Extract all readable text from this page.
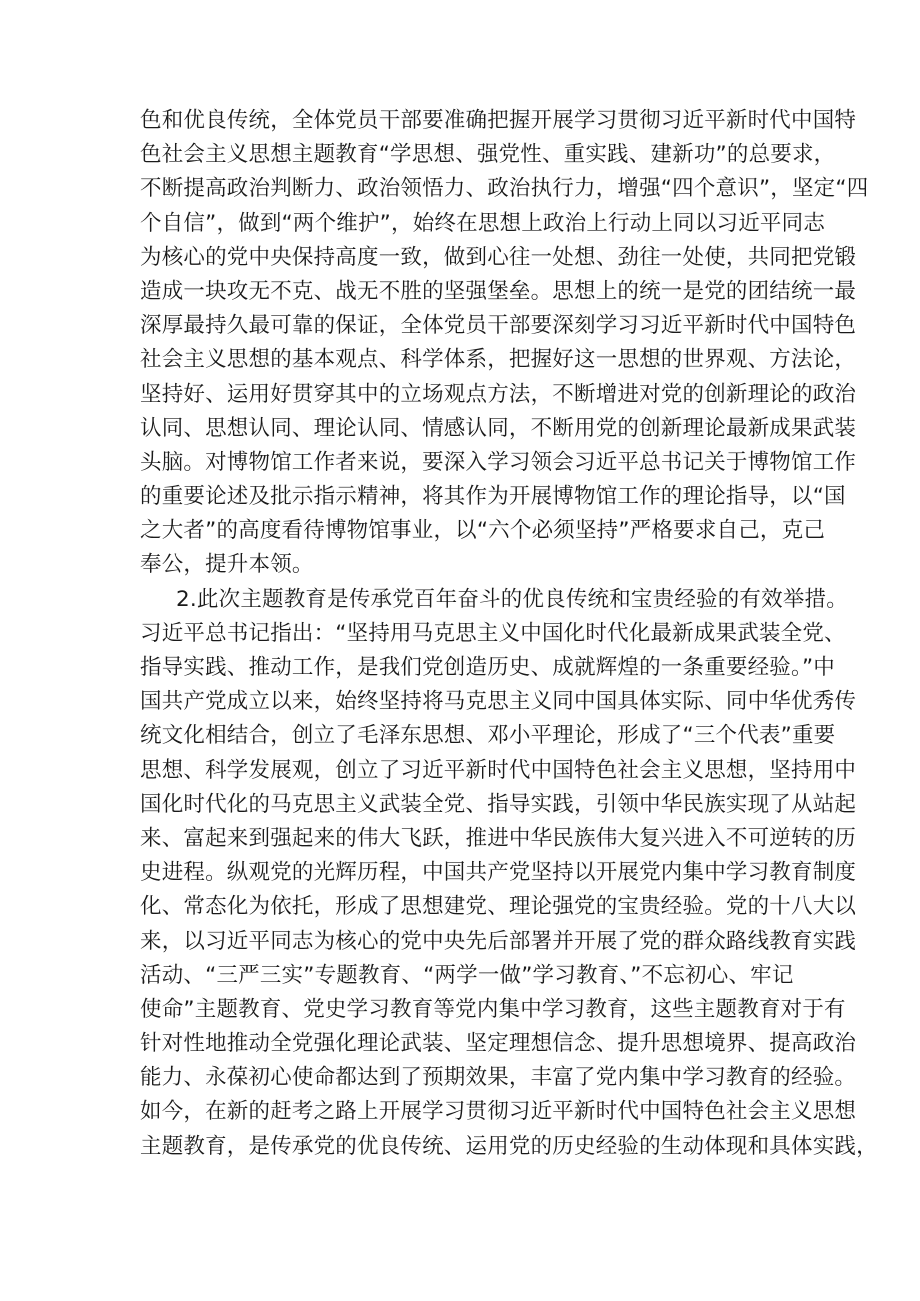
色和优良传统，全体党员干部要准确把握开展学习贯彻习近平新时代中国特
色社会主义思想主题教育“学思想、强党性、重实践、建新功”的总要求，
不断提高政治判断力、政治领悟力、政治执行力，增强“四个意识”，坚定“四
个自信”，做到“两个维护”，始终在思想上政治上行动上同以习近平同志
为核心的党中央保持高度一致，做到心往一处想、劲往一处使，共同把党锻
造成一块攻无不克、战无不胜的坚强堡垒。思想上的统一是党的团结统一最
深厚最持久最可靠的保证，全体党员干部要深刻学习习近平新时代中国特色
社会主义思想的基本观点、科学体系，把握好这一思想的世界观、方法论，
坚持好、运用好贯穿其中的立场观点方法，不断增进对党的创新理论的政治
认同、思想认同、理论认同、情感认同，不断用党的创新理论最新成果武装
头脑。对博物馆工作者来说，要深入学习领会习近平总书记关于博物馆工作
的重要论述及批示指示精神，将其作为开展博物馆工作的理论指导，以“国
之大者”的高度看待博物馆事业，以“六个必须坚持”严格要求自己，克己
奉公，提升本领。
2.此次主题教育是传承党百年奋斗的优良传统和宝贵经验的有效举措。
习近平总书记指出：“坚持用马克思主义中国化时代化最新成果武装全党、
指导实践、推动工作，是我们党创造历史、成就辉煌的一条重要经验。”中
国共产党成立以来，始终坚持将马克思主义同中国具体实际、同中华优秀传
统文化相结合，创立了毛泽东思想、邓小平理论，形成了“三个代表”重要
思想、科学发展观，创立了习近平新时代中国特色社会主义思想，坚持用中
国化时代化的马克思主义武装全党、指导实践，引领中华民族实现了从站起
来、富起来到强起来的伟大飞跃，推进中华民族伟大复兴进入不可逆转的历
史进程。纵观党的光辉历程，中国共产党坚持以开展党内集中学习教育制度
化、常态化为依托，形成了思想建党、理论强党的宝贵经验。党的十八大以
来，以习近平同志为核心的党中央先后部署并开展了党的群众路线教育实践
活动、“三严三实”专题教育、“两学一做”学习教育、”不忘初心、牢记
使命”主题教育、党史学习教育等党内集中学习教育，这些主题教育对于有
针对性地推动全党强化理论武装、坚定理想信念、提升思想境界、提高政治
能力、永葆初心使命都达到了预期效果，丰富了党内集中学习教育的经验。
如今，在新的赶考之路上开展学习贯彻习近平新时代中国特色社会主义思想
主题教育，是传承党的优良传统、运用党的历史经验的生动体现和具体实践，
